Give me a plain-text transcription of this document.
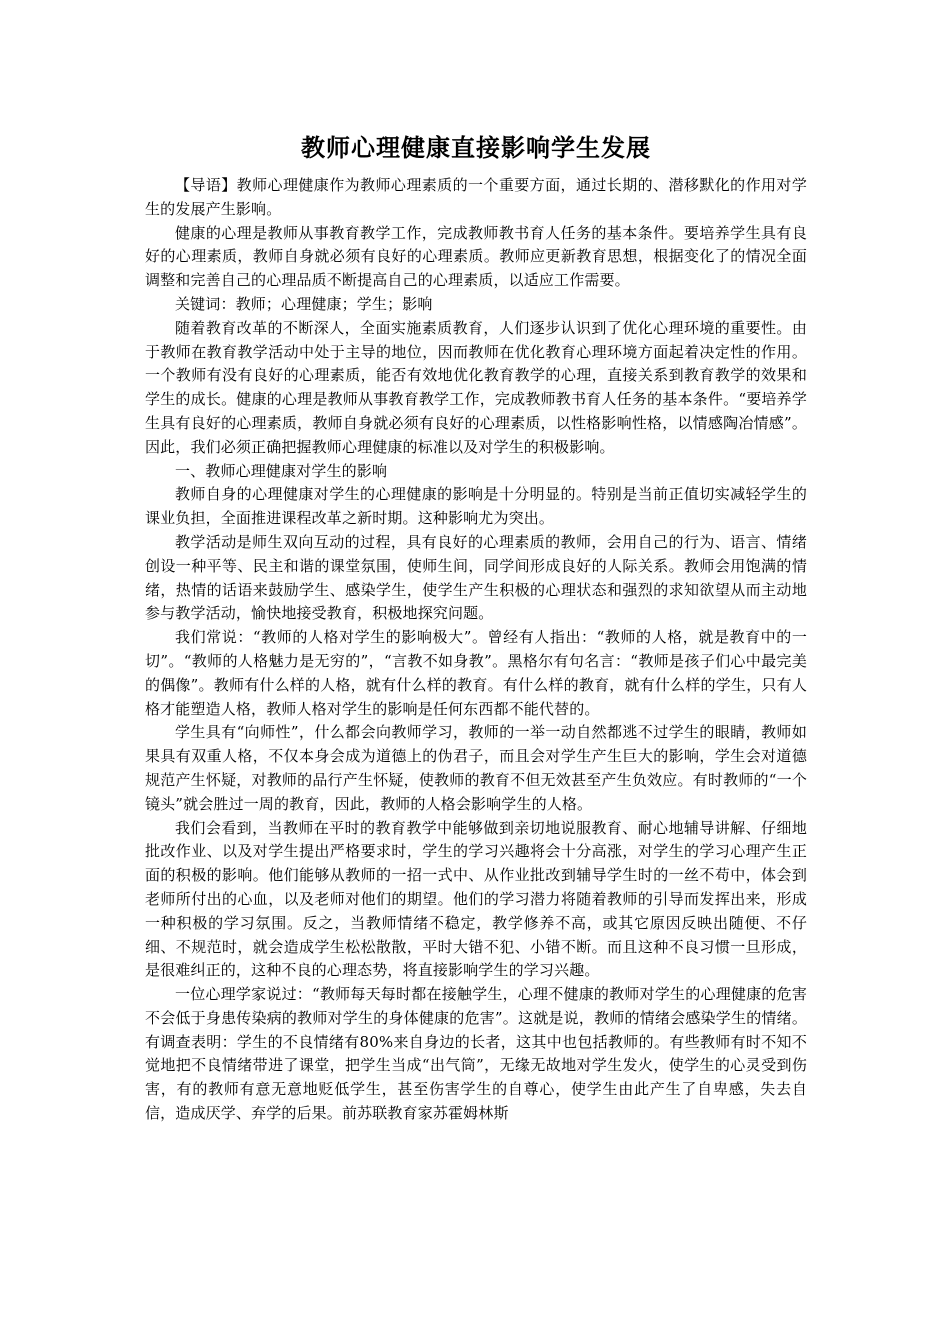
教师心理健康直接影响学生发展

【导语】教师心理健康作为教师心理素质的一个重要方面，通过长期的、潜移默化的作用对学生的发展产生影响。

健康的心理是教师从事教育教学工作，完成教师教书育人任务的基本条件。要培养学生具有良好的心理素质，教师自身就必须有良好的心理素质。教师应更新教育思想，根据变化了的情况全面调整和完善自己的心理品质不断提高自己的心理素质，以适应工作需要。

关键词：教师；心理健康；学生；影响

随着教育改革的不断深人，全面实施素质教育，人们逐步认识到了优化心理环境的重要性。由于教师在教育教学活动中处于主导的地位，因而教师在优化教育心理环境方面起着决定性的作用。一个教师有没有良好的心理素质，能否有效地优化教育教学的心理，直接关系到教育教学的效果和学生的成长。健康的心理是教师从事教育教学工作，完成教师教书育人任务的基本条件。“要培养学生具有良好的心理素质，教师自身就必须有良好的心理素质，以性格影响性格，以情感陶冶情感”。因此，我们必须正确把握教师心理健康的标准以及对学生的积极影响。

一、教师心理健康对学生的影响

教师自身的心理健康对学生的心理健康的影响是十分明显的。特别是当前正值切实减轻学生的课业负担，全面推进课程改革之新时期。这种影响尤为突出。

教学活动是师生双向互动的过程，具有良好的心理素质的教师，会用自己的行为、语言、情绪创设一种平等、民主和谐的课堂氛围，使师生间，同学间形成良好的人际关系。教师会用饱满的情绪，热情的话语来鼓励学生、感染学生，使学生产生积极的心理状态和强烈的求知欲望从而主动地参与教学活动，愉快地接受教育，积极地探究问题。

我们常说：“教师的人格对学生的影响极大”。曾经有人指出：“教师的人格，就是教育中的一切”。“教师的人格魅力是无穷的”，“言教不如身教”。黑格尔有句名言：“教师是孩子们心中最完美的偶像”。教师有什么样的人格，就有什么样的教育。有什么样的教育，就有什么样的学生，只有人格才能塑造人格，教师人格对学生的影响是任何东西都不能代替的。

学生具有“向师性”，什么都会向教师学习，教师的一举一动自然都逃不过学生的眼睛，教师如果具有双重人格，不仅本身会成为道德上的伪君子，而且会对学生产生巨大的影响，学生会对道德规范产生怀疑，对教师的品行产生怀疑，使教师的教育不但无效甚至产生负效应。有时教师的“一个镜头”就会胜过一周的教育，因此，教师的人格会影响学生的人格。

我们会看到，当教师在平时的教育教学中能够做到亲切地说服教育、耐心地辅导讲解、仔细地批改作业、以及对学生提出严格要求时，学生的学习兴趣将会十分高涨，对学生的学习心理产生正面的积极的影响。他们能够从教师的一招一式中、从作业批改到辅导学生时的一丝不苟中，体会到老师所付出的心血，以及老师对他们的期望。他们的学习潜力将随着教师的引导而发挥出来，形成一种积极的学习氛围。反之，当教师情绪不稳定，教学修养不高，或其它原因反映出随便、不仔细、不规范时，就会造成学生松松散散，平时大错不犯、小错不断。而且这种不良习惯一旦形成，是很难纠正的，这种不良的心理态势，将直接影响学生的学习兴趣。

一位心理学家说过：“教师每天每时都在接触学生，心理不健康的教师对学生的心理健康的危害不会低于身患传染病的教师对学生的身体健康的危害”。这就是说，教师的情绪会感染学生的情绪。有调查表明：学生的不良情绪有80%来自身边的长者，这其中也包括教师的。有些教师有时不知不觉地把不良情绪带进了课堂，把学生当成“出气筒”，无缘无故地对学生发火，使学生的心灵受到伤害，有的教师有意无意地贬低学生，甚至伤害学生的自尊心，使学生由此产生了自卑感，失去自信，造成厌学、弃学的后果。前苏联教育家苏霍姆林斯
